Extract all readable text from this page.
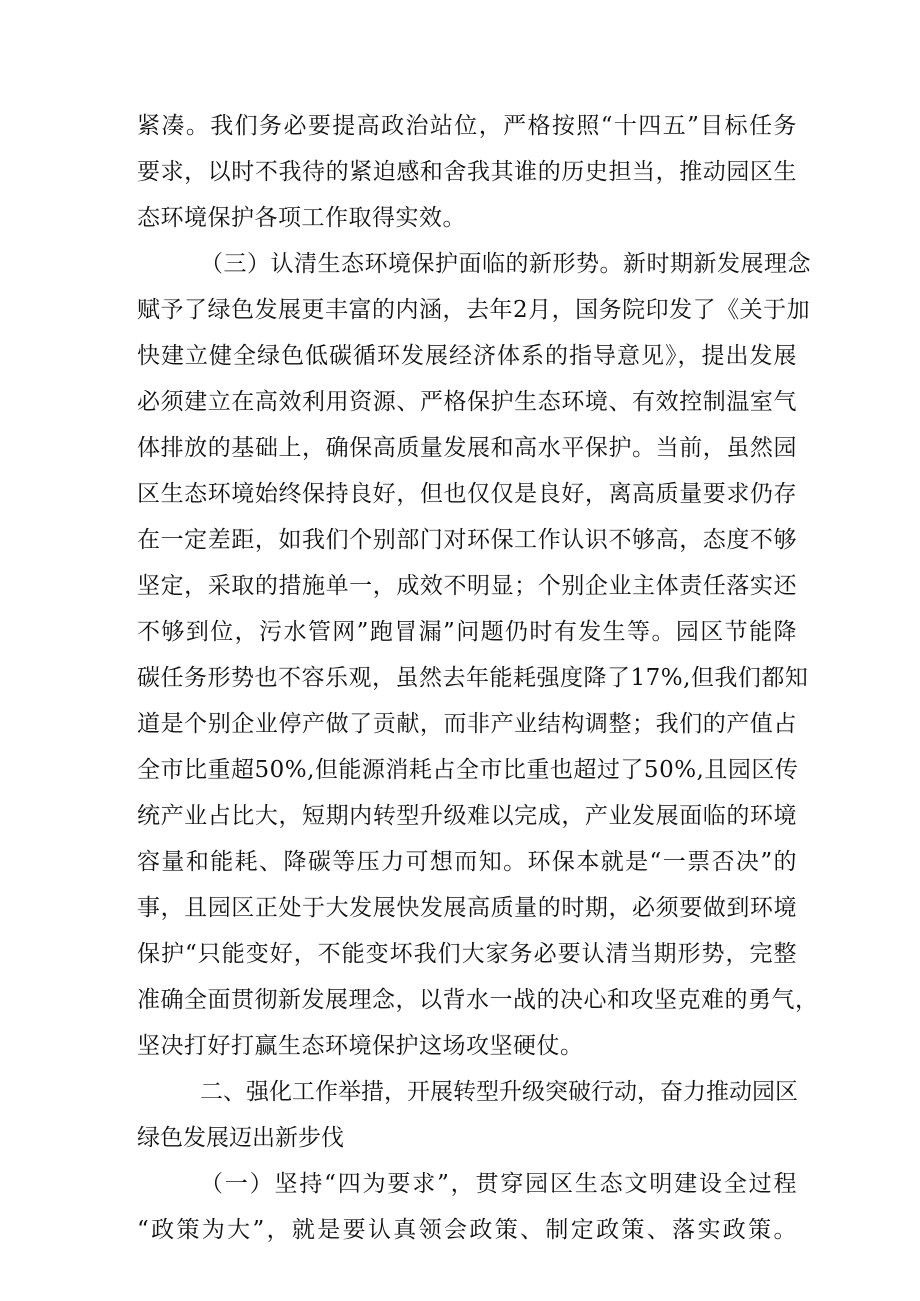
紧凑。我们务必要提高政治站位，严格按照“十四五”目标任务
要求，以时不我待的紧迫感和舍我其谁的历史担当，推动园区生
态环境保护各项工作取得实效。
（三）认清生态环境保护面临的新形势。新时期新发展理念
赋予了绿色发展更丰富的内涵，去年2月，国务院印发了《关于加
快建立健全绿色低碳循环发展经济体系的指导意见》，提出发展
必须建立在高效利用资源、严格保护生态环境、有效控制温室气
体排放的基础上，确保高质量发展和高水平保护。当前，虽然园
区生态环境始终保持良好，但也仅仅是良好，离高质量要求仍存
在一定差距，如我们个别部门对环保工作认识不够高，态度不够
坚定，采取的措施单一，成效不明显；个别企业主体责任落实还
不够到位，污水管网”跑冒漏”问题仍时有发生等。园区节能降
碳任务形势也不容乐观，虽然去年能耗强度降了17%,但我们都知
道是个别企业停产做了贡献，而非产业结构调整；我们的产值占
全市比重超50%,但能源消耗占全市比重也超过了50%,且园区传
统产业占比大，短期内转型升级难以完成，产业发展面临的环境
容量和能耗、降碳等压力可想而知。环保本就是“一票否决”的
事，且园区正处于大发展快发展高质量的时期，必须要做到环境
保护“只能变好，不能变坏我们大家务必要认清当期形势，完整
准确全面贯彻新发展理念，以背水一战的决心和攻坚克难的勇气，
坚决打好打赢生态环境保护这场攻坚硬仗。
二、强化工作举措，开展转型升级突破行动，奋力推动园区
绿色发展迈出新步伐
（一）坚持“四为要求”，贯穿园区生态文明建设全过程
“政策为大”，就是要认真领会政策、制定政策、落实政策。
